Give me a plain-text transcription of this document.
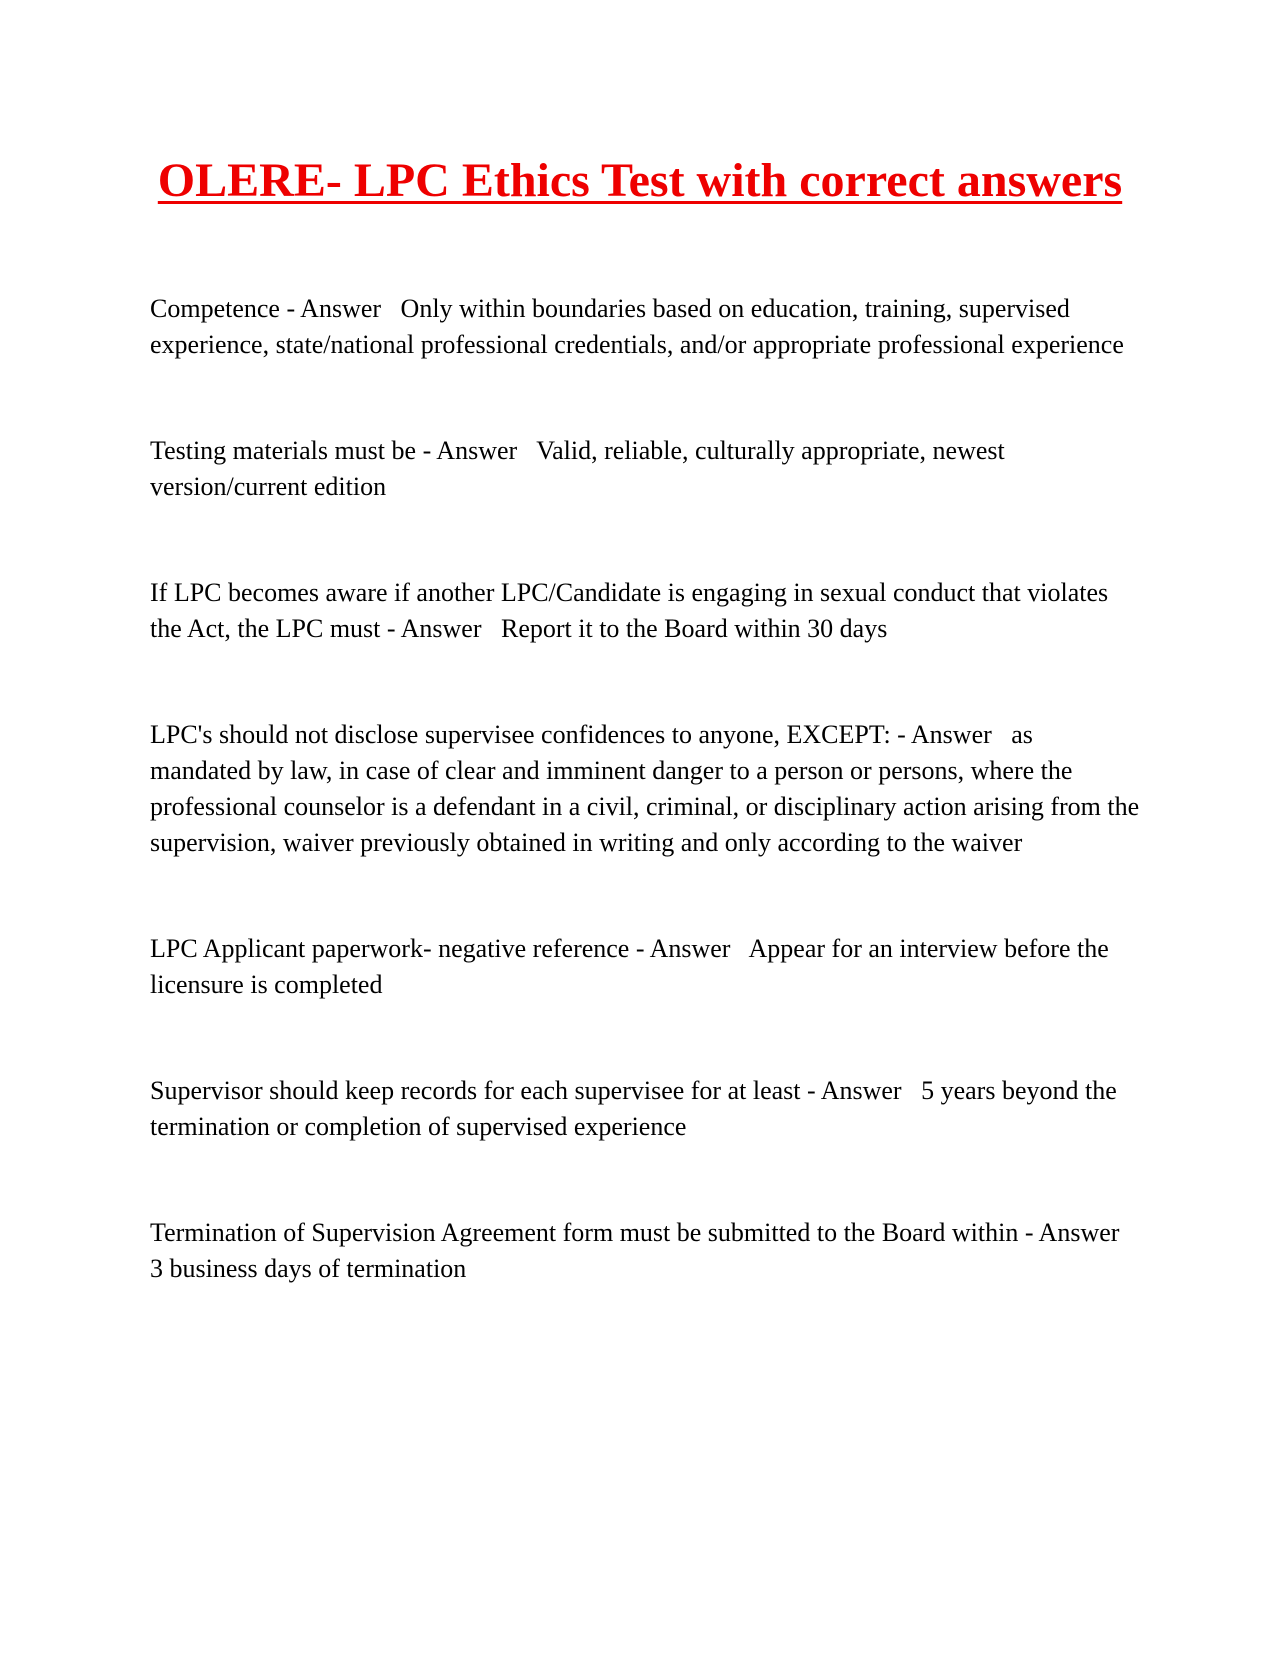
OLERE- LPC Ethics Test with correct answers

Competence - Answer   Only within boundaries based on education, training, supervised experience, state/national professional credentials, and/or appropriate professional experience

Testing materials must be - Answer   Valid, reliable, culturally appropriate, newest version/current edition

If LPC becomes aware if another LPC/Candidate is engaging in sexual conduct that violates the Act, the LPC must - Answer   Report it to the Board within 30 days

LPC's should not disclose supervisee confidences to anyone, EXCEPT: - Answer   as mandated by law, in case of clear and imminent danger to a person or persons, where the professional counselor is a defendant in a civil, criminal, or disciplinary action arising from the supervision, waiver previously obtained in writing and only according to the waiver

LPC Applicant paperwork- negative reference - Answer   Appear for an interview before the licensure is completed

Supervisor should keep records for each supervisee for at least - Answer   5 years beyond the termination or completion of supervised experience

Termination of Supervision Agreement form must be submitted to the Board within - Answer   3 business days of termination
